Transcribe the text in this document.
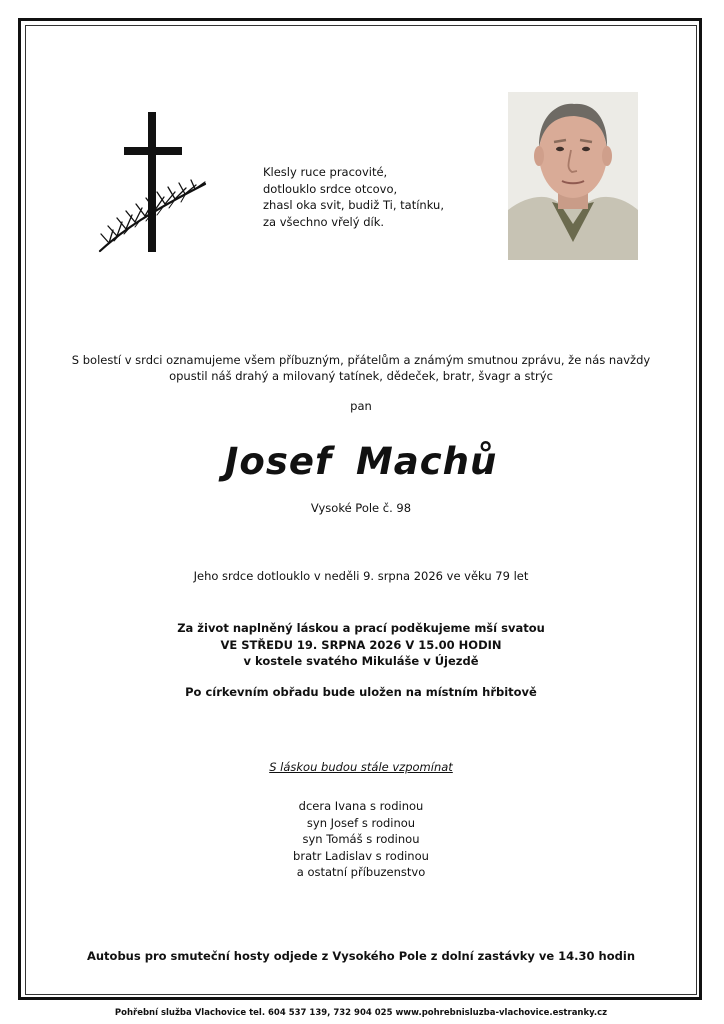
Klesly ruce pracovité,
dotlouklo srdce otcovo,
zhasl oka svit, budiž Ti, tatínku,
za všechno vřelý dík.
S bolestí v srdci oznamujeme všem příbuzným, přátelům a známým smutnou zprávu, že nás navždy
opustil náš drahý a milovaný tatínek, dědeček, bratr, švagr a strýc
pan
Josef Machů
Vysoké Pole č. 98
Jeho srdce dotlouklo v neděli 9. srpna 2026 ve věku 79 let
Za život naplněný láskou a prací poděkujeme mší svatou
VE STŘEDU 19. SRPNA 2026 V 15.00 HODIN
v kostele svatého Mikuláše v Újezdě
Po církevním obřadu bude uložen na místním hřbitově
S láskou budou stále vzpomínat
dcera Ivana s rodinou
syn Josef s rodinou
syn Tomáš s rodinou
bratr Ladislav s rodinou
a ostatní příbuzenstvo
Autobus pro smuteční hosty odjede z Vysokého Pole z dolní zastávky ve 14.30 hodin
Pohřební služba Vlachovice tel. 604 537 139, 732 904 025 www.pohrebnisluzba-vlachovice.estranky.cz
